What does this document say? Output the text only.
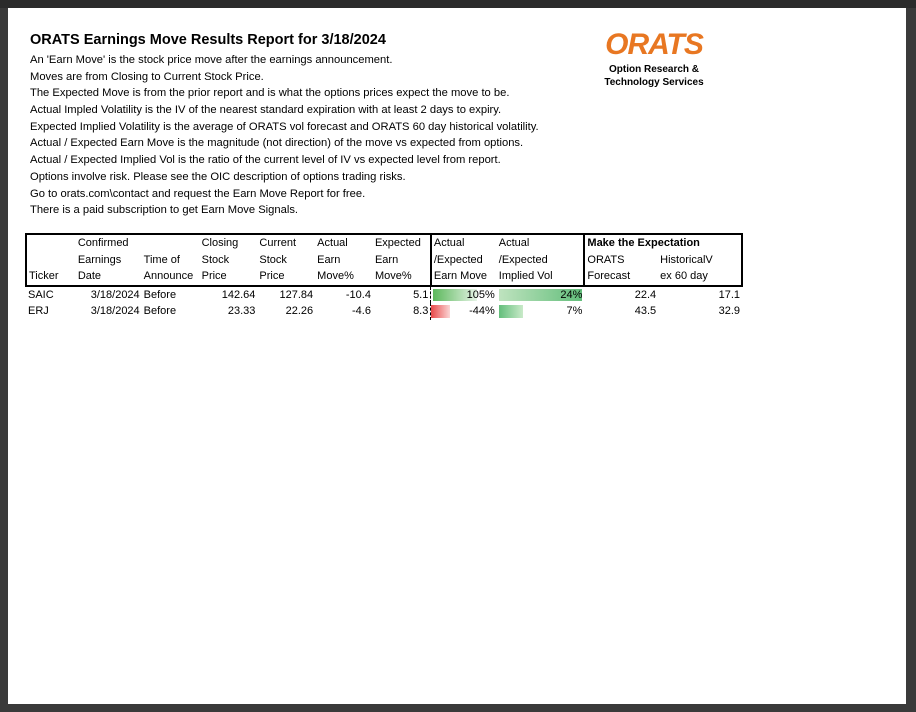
ORATS Earnings Move Results Report for 3/18/2024
An 'Earn Move' is the stock price move after the earnings announcement.
Moves are from Closing to Current Stock Price.
The Expected Move is from the prior report and is what the options prices expect the move to be.
Actual Impled Volatility is the IV of the nearest standard expiration with at least 2 days to expiry.
Expected Implied Volatility is the average of ORATS vol forecast and ORATS 60 day historical volatility.
Actual / Expected Earn Move is the magnitude (not direction) of the move vs expected from options.
Actual / Expected Implied Vol is the ratio of the current level of IV vs expected level from report.
Options involve risk. Please see the OIC description of options trading risks.
Go to orats.com\contact and request the Earn Move Report for free.
There is a paid subscription to get Earn Move Signals.
ORATS
Option Research &
Technology Services
	Confirmed		Closing	Current	Actual	Expected	Actual	Actual	Make the Expectation	
	Earnings	Time of	Stock	Stock	Earn	Earn	/Expected	/Expected	ORATS	HistoricalV
Ticker	Date	Announce	Price	Price	Move%	Move%	Earn Move	Implied Vol	Forecast	ex 60 day
SAIC	3/18/2024	Before	142.64	127.84	-10.4	5.1	105%	24%	22.4	17.1
ERJ	3/18/2024	Before	23.33	22.26	-4.6	8.3	-44%	7%	43.5	32.9
